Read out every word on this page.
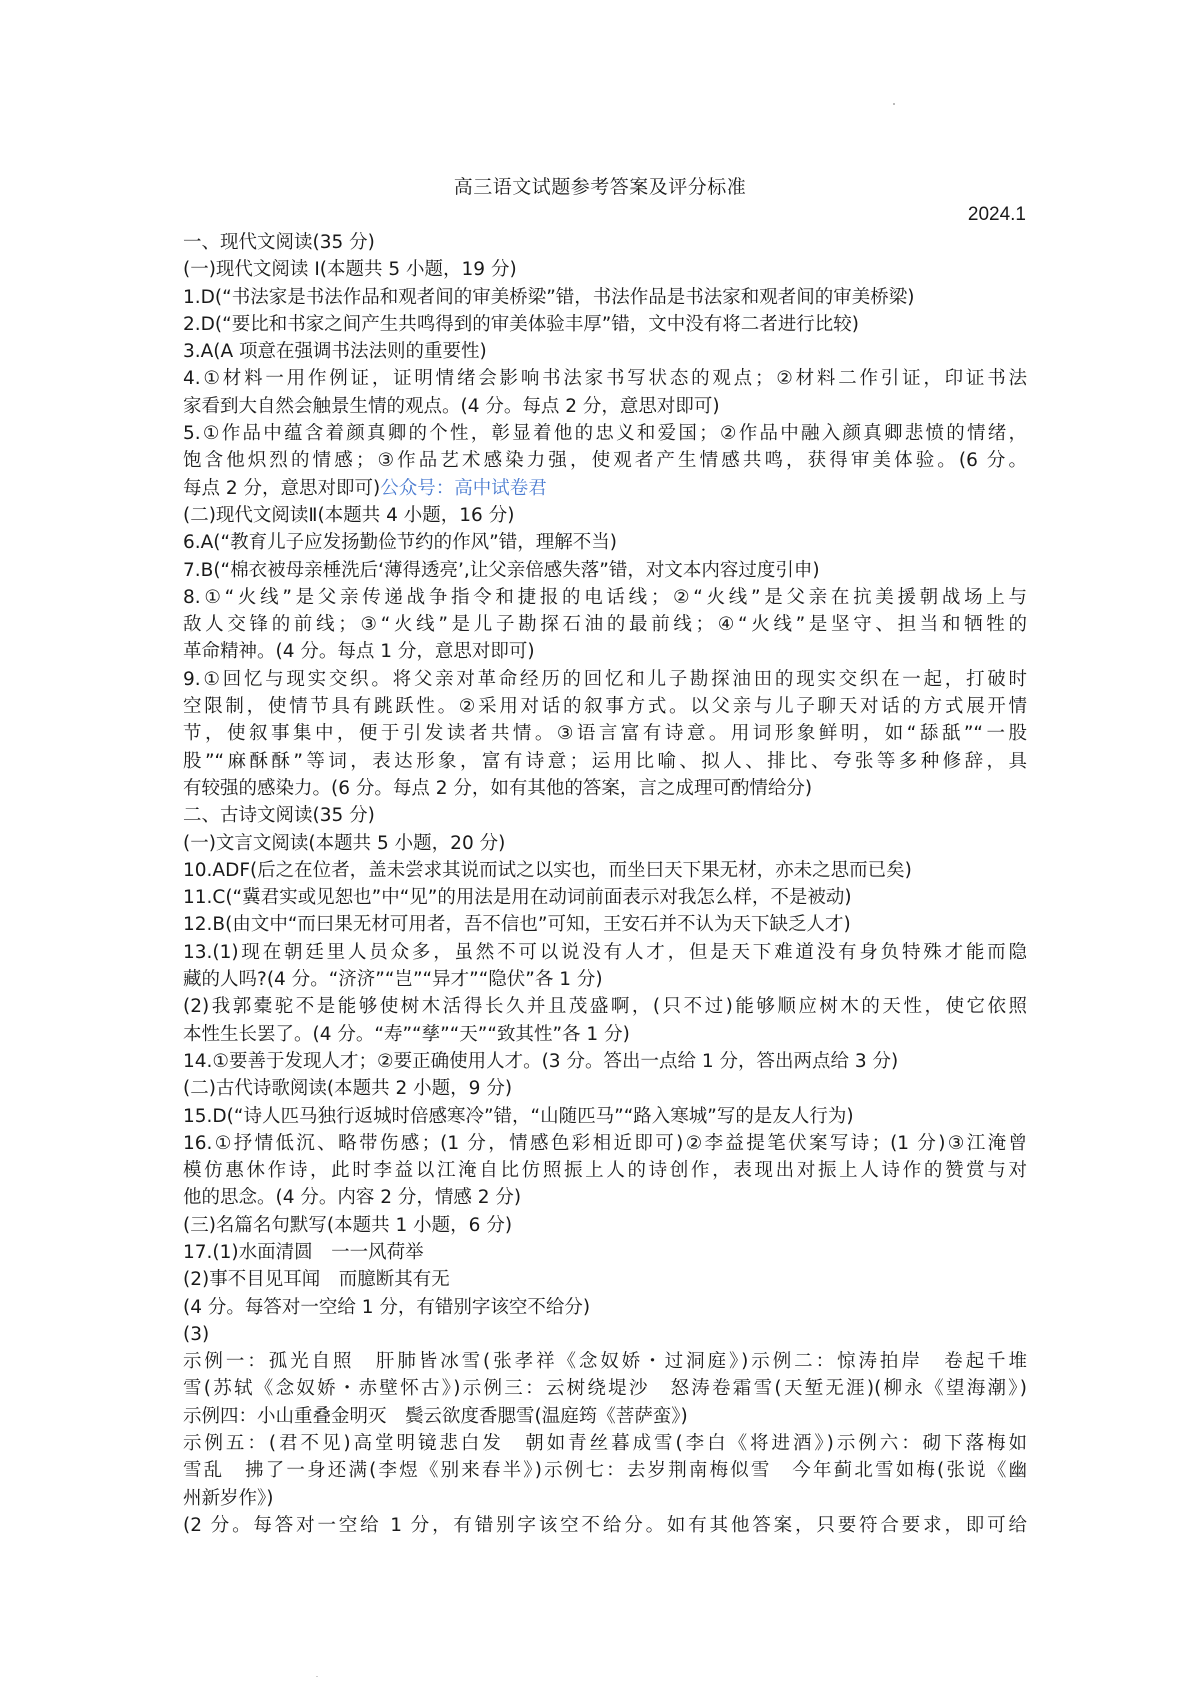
高三语文试题参考答案及评分标准
2024.1
一、现代文阅读(35 分)
(一)现代文阅读 I(本题共 5 小题，19 分)
1.D(“书法家是书法作品和观者间的审美桥梁”错，书法作品是书法家和观者间的审美桥梁)
2.D(“要比和书家之间产生共鸣得到的审美体验丰厚”错，文中没有将二者进行比较)
3.A(A 项意在强调书法法则的重要性)
4.①材料一用作例证，证明情绪会影响书法家书写状态的观点；②材料二作引证，印证书法
家看到大自然会触景生情的观点。(4 分。每点 2 分，意思对即可)
5.①作品中蕴含着颜真卿的个性，彰显着他的忠义和爱国；②作品中融入颜真卿悲愤的情绪，
饱含他炽烈的情感；③作品艺术感染力强，使观者产生情感共鸣，获得审美体验。(6 分。
每点 2 分，意思对即可)公众号：高中试卷君
(二)现代文阅读Ⅱ(本题共 4 小题，16 分)
6.A(“教育儿子应发扬勤俭节约的作风”错，理解不当)
7.B(“棉衣被母亲棰洗后‘薄得透亮’,让父亲倍感失落”错，对文本内容过度引申)
8.①“火线”是父亲传递战争指令和捷报的电话线；②“火线”是父亲在抗美援朝战场上与
敌人交锋的前线；③“火线”是儿子勘探石油的最前线；④“火线”是坚守、担当和牺牲的
革命精神。(4 分。每点 1 分，意思对即可)
9.①回忆与现实交织。将父亲对革命经历的回忆和儿子勘探油田的现实交织在一起，打破时
空限制，使情节具有跳跃性。②采用对话的叙事方式。以父亲与儿子聊天对话的方式展开情
节，使叙事集中，便于引发读者共情。③语言富有诗意。用词形象鲜明，如“舔舐”“一股
股”“麻酥酥”等词，表达形象，富有诗意；运用比喻、拟人、排比、夸张等多种修辞，具
有较强的感染力。(6 分。每点 2 分，如有其他的答案，言之成理可酌情给分)
二、古诗文阅读(35 分)
(一)文言文阅读(本题共 5 小题，20 分)
10.ADF(后之在位者，盖未尝求其说而试之以实也，而坐曰天下果无材，亦未之思而已矣)
11.C(“冀君实或见恕也”中“见”的用法是用在动词前面表示对我怎么样，不是被动)
12.B(由文中“而曰果无材可用者，吾不信也”可知，王安石并不认为天下缺乏人才)
13.(1)现在朝廷里人员众多，虽然不可以说没有人才，但是天下难道没有身负特殊才能而隐
藏的人吗?(4 分。“济济”“岂”“异才”“隐伏”各 1 分)
(2)我郭橐驼不是能够使树木活得长久并且茂盛啊，(只不过)能够顺应树木的天性，使它依照
本性生长罢了。(4 分。“寿”“孳”“天”“致其性”各 1 分)
14.①要善于发现人才；②要正确使用人才。(3 分。答出一点给 1 分，答出两点给 3 分)
(二)古代诗歌阅读(本题共 2 小题，9 分)
15.D(“诗人匹马独行返城时倍感寒冷”错，“山随匹马”“路入寒城”写的是友人行为)
16.①抒情低沉、略带伤感；(1 分，情感色彩相近即可)②李益提笔伏案写诗；(1 分)③江淹曾
模仿惠休作诗，此时李益以江淹自比仿照振上人的诗创作，表现出对振上人诗作的赞赏与对
他的思念。(4 分。内容 2 分，情感 2 分)
(三)名篇名句默写(本题共 1 小题，6 分)
17.(1)水面清圆　一一风荷举
(2)事不目见耳闻　而臆断其有无
(4 分。每答对一空给 1 分，有错别字该空不给分)
(3)
示例一：孤光自照　肝肺皆冰雪(张孝祥《念奴娇・过洞庭》)示例二：惊涛拍岸　卷起千堆
雪(苏轼《念奴娇・赤壁怀古》)示例三：云树绕堤沙　怒涛卷霜雪(天堑无涯)(柳永《望海潮》)
示例四：小山重叠金明灭　鬓云欲度香腮雪(温庭筠《菩萨蛮》)
示例五：(君不见)高堂明镜悲白发　朝如青丝暮成雪(李白《将进酒》)示例六：砌下落梅如
雪乱　拂了一身还满(李煜《别来春半》)示例七：去岁荆南梅似雪　今年蓟北雪如梅(张说《幽
州新岁作》)
(2 分。每答对一空给 1 分，有错别字该空不给分。如有其他答案，只要符合要求，即可给
